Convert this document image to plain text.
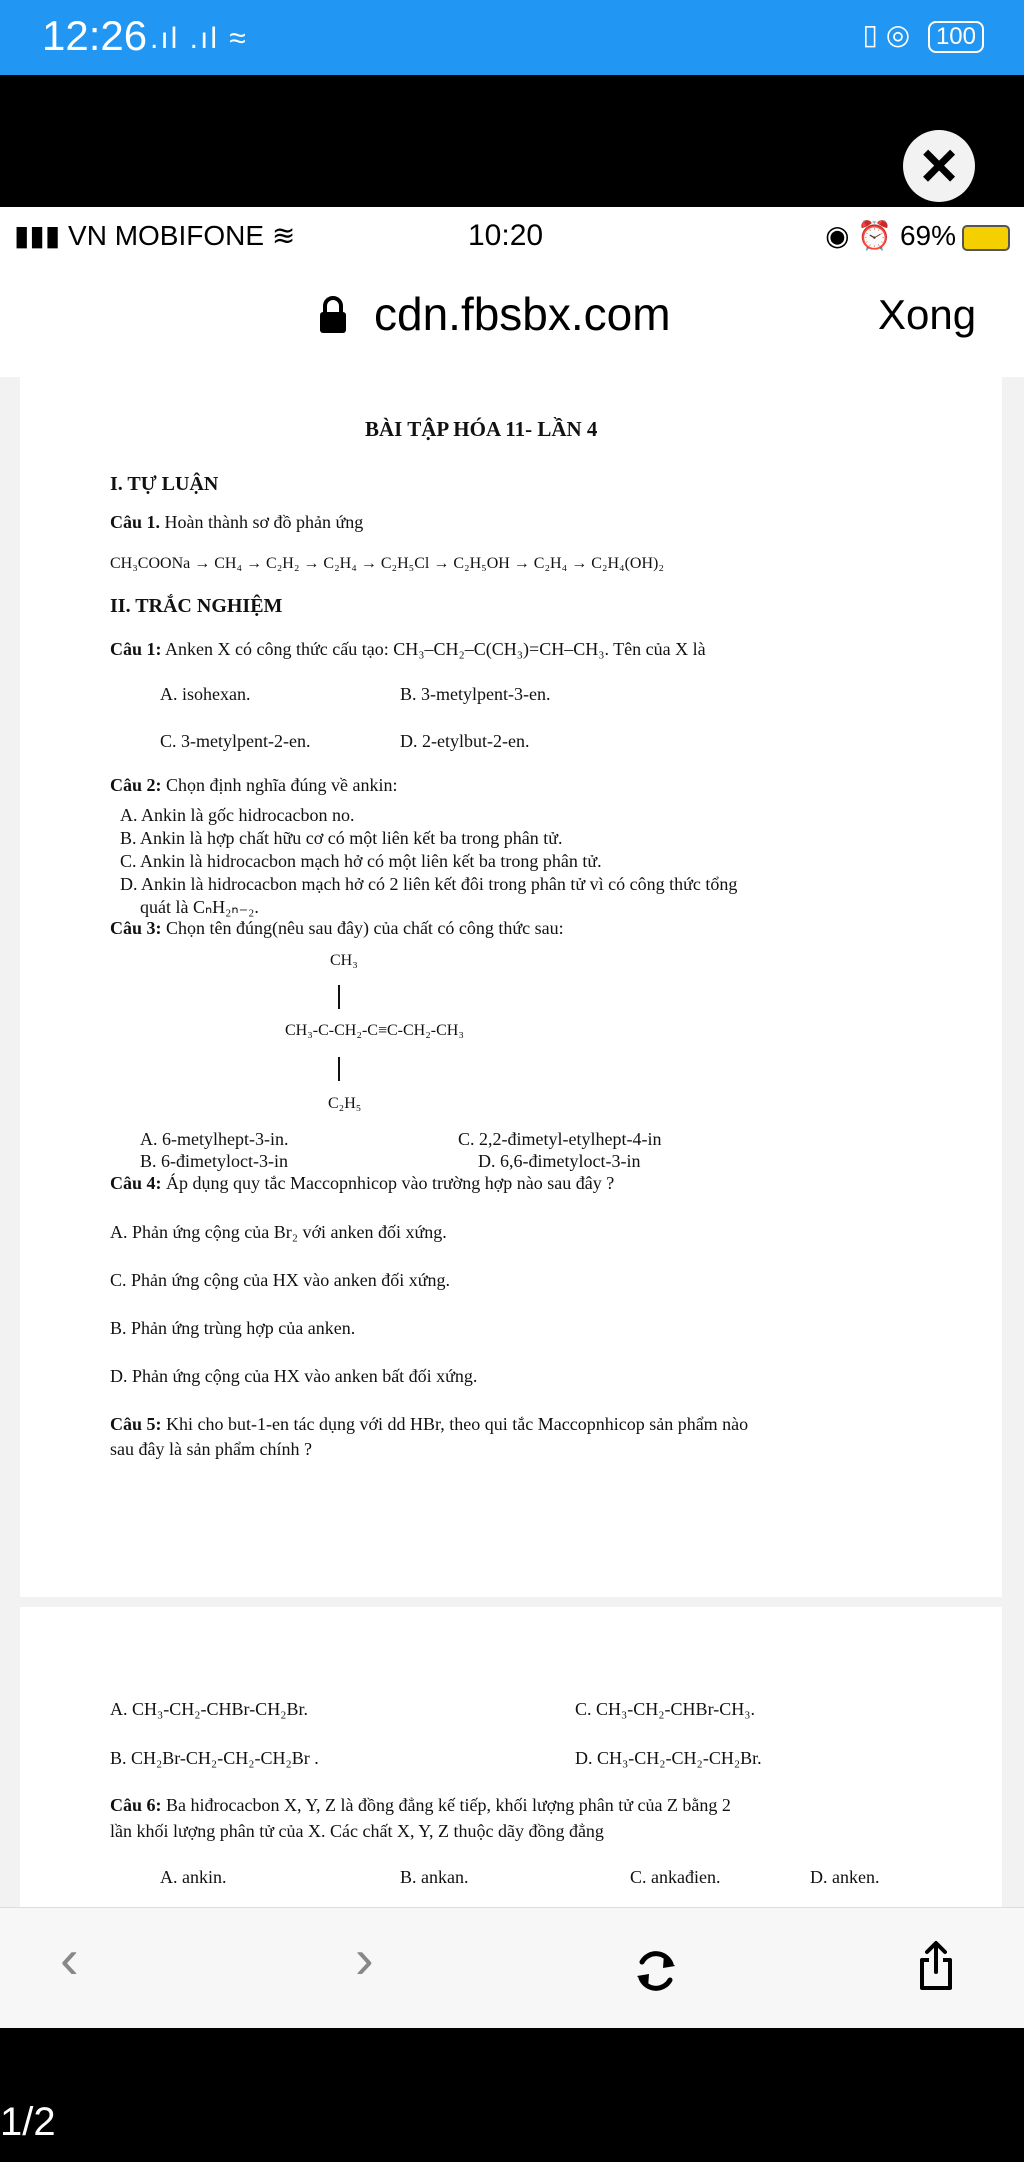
12:26 .ıl .ıl ≈	▯ ◎ 100
×
▮▮▮ VN MOBIFONE ≋	10:20	◉ ⏰ 69%
cdn.fbsbx.com	Xong
BÀI TẬP HÓA 11- LẦN 4
I. TỰ LUẬN
Câu 1. Hoàn thành sơ đồ phản ứng
CH₃COONa → CH₄ → C₂H₂ → C₂H₄ → C₂H₅Cl → C₂H₅OH → C₂H₄ → C₂H₄(OH)₂
II. TRẮC NGHIỆM
Câu 1: Anken X có công thức cấu tạo: CH₃–CH₂–C(CH₃)=CH–CH₃. Tên của X là
A. isohexan.	B. 3-metylpent-3-en.
C. 3-metylpent-2-en.	D. 2-etylbut-2-en.
Câu 2: Chọn định nghĩa đúng về ankin:
A. Ankin là gốc hidrocacbon no.
B. Ankin là hợp chất hữu cơ có một liên kết ba trong phân tử.
C. Ankin là hidrocacbon mạch hở có một liên kết ba trong phân tử.
D. Ankin là hidrocacbon mạch hở có 2 liên kết đôi trong phân tử vì có công thức tổng
quát là CₙH₂ₙ₋₂.
Câu 3: Chọn tên đúng(nêu sau đây) của chất có công thức sau:
CH₃
CH₃-C-CH₂-C≡C-CH₂-CH₃
C₂H₅
A. 6-metylhept-3-in.	C. 2,2-đimetyl-etylhept-4-in
B. 6-đimetyloct-3-in	D. 6,6-đimetyloct-3-in
Câu 4: Áp dụng quy tắc Maccopnhicop vào trường hợp nào sau đây ?
A. Phản ứng cộng của Br₂ với anken đối xứng.
C. Phản ứng cộng của HX vào anken đối xứng.
B. Phản ứng trùng hợp của anken.
D. Phản ứng cộng của HX vào anken bất đối xứng.
Câu 5: Khi cho but-1-en tác dụng với dd HBr, theo qui tắc Maccopnhicop sản phẩm nào
sau đây là sản phẩm chính ?
A. CH₃-CH₂-CHBr-CH₂Br.	C. CH₃-CH₂-CHBr-CH₃.
B. CH₂Br-CH₂-CH₂-CH₂Br .	D. CH₃-CH₂-CH₂-CH₂Br.
Câu 6: Ba hiđrocacbon X, Y, Z là đồng đẳng kế tiếp, khối lượng phân tử của Z bằng 2
lần khối lượng phân tử của X. Các chất X, Y, Z thuộc dãy đồng đẳng
A. ankin.	B. ankan.	C. ankađien.	D. anken.
‹	›
1/2
